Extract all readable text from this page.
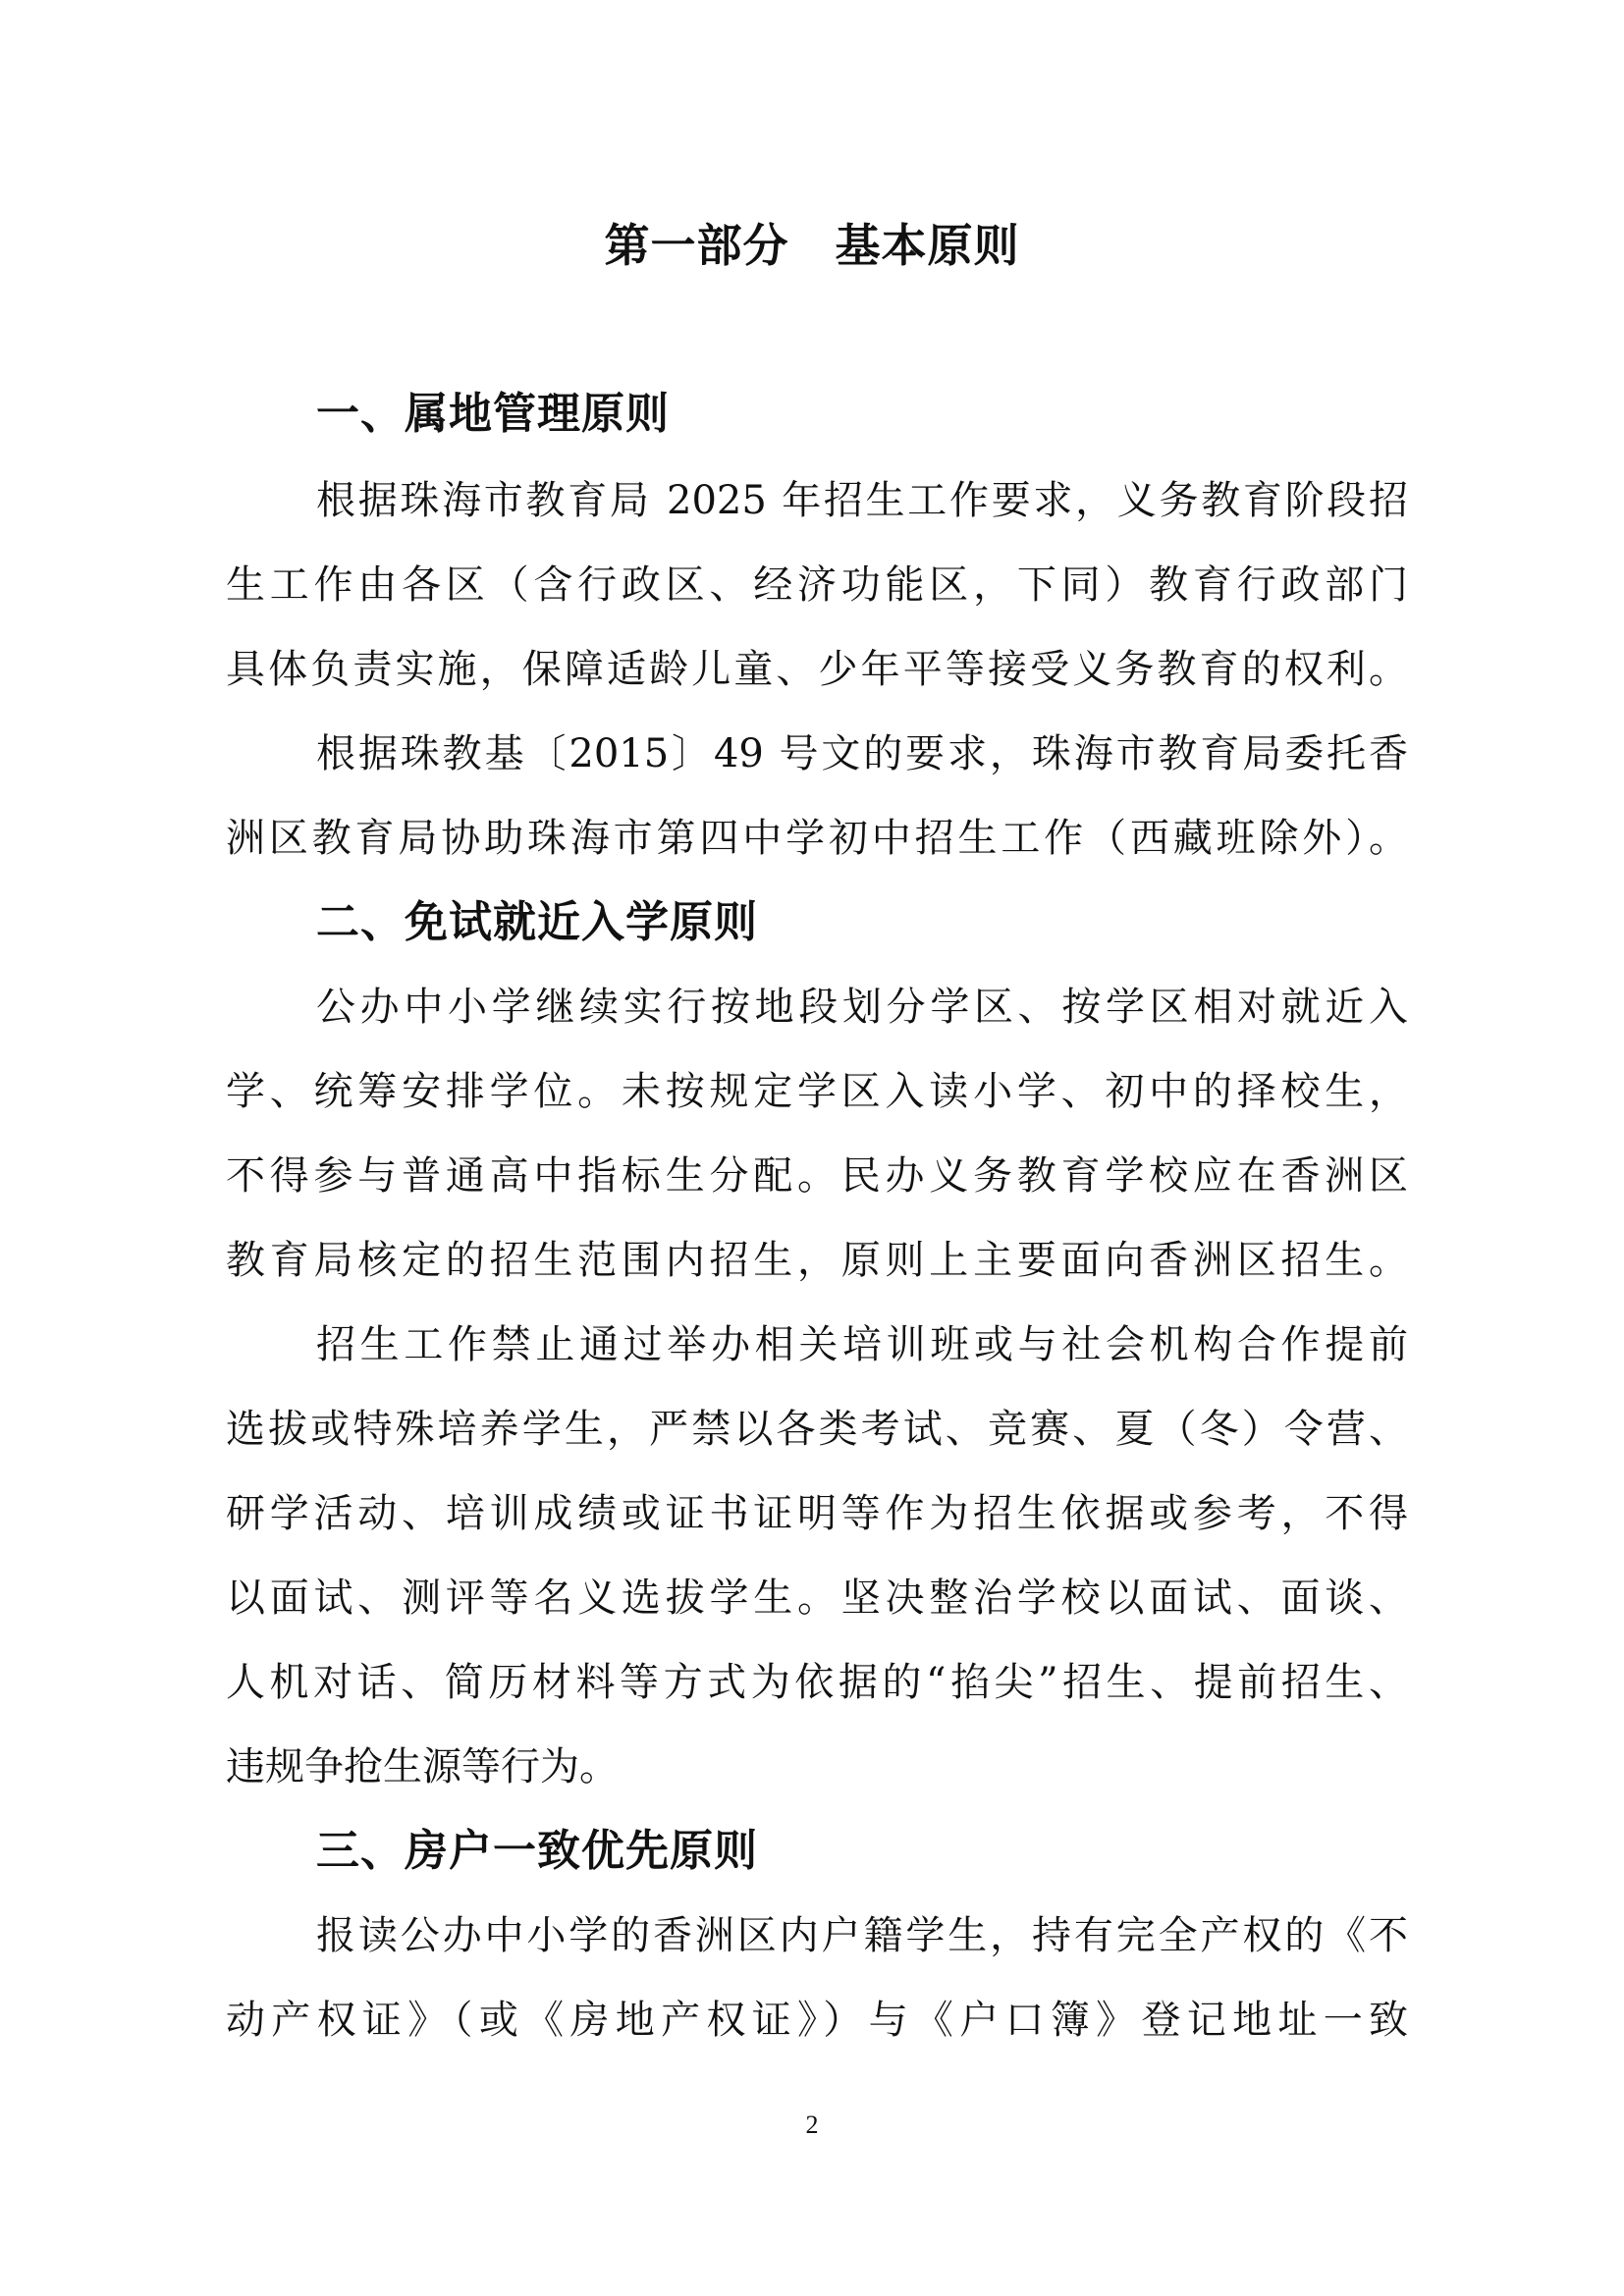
第一部分　基本原则
一、属地管理原则
根据珠海市教育局 2025 年招生工作要求，义务教育阶段招
生工作由各区（含行政区、经济功能区，下同）教育行政部门
具体负责实施，保障适龄儿童、少年平等接受义务教育的权利。
根据珠教基〔2015〕49 号文的要求，珠海市教育局委托香
洲区教育局协助珠海市第四中学初中招生工作（西藏班除外）。
二、免试就近入学原则
公办中小学继续实行按地段划分学区、按学区相对就近入
学、统筹安排学位。未按规定学区入读小学、初中的择校生，
不得参与普通高中指标生分配。民办义务教育学校应在香洲区
教育局核定的招生范围内招生，原则上主要面向香洲区招生。
招生工作禁止通过举办相关培训班或与社会机构合作提前
选拔或特殊培养学生，严禁以各类考试、竞赛、夏（冬）令营、
研学活动、培训成绩或证书证明等作为招生依据或参考，不得
以面试、测评等名义选拔学生。坚决整治学校以面试、面谈、
人机对话、简历材料等方式为依据的“掐尖”招生、提前招生、
违规争抢生源等行为。
三、房户一致优先原则
报读公办中小学的香洲区内户籍学生，持有完全产权的《不
动产权证》（或《房地产权证》）与《户口簿》登记地址一致
2
